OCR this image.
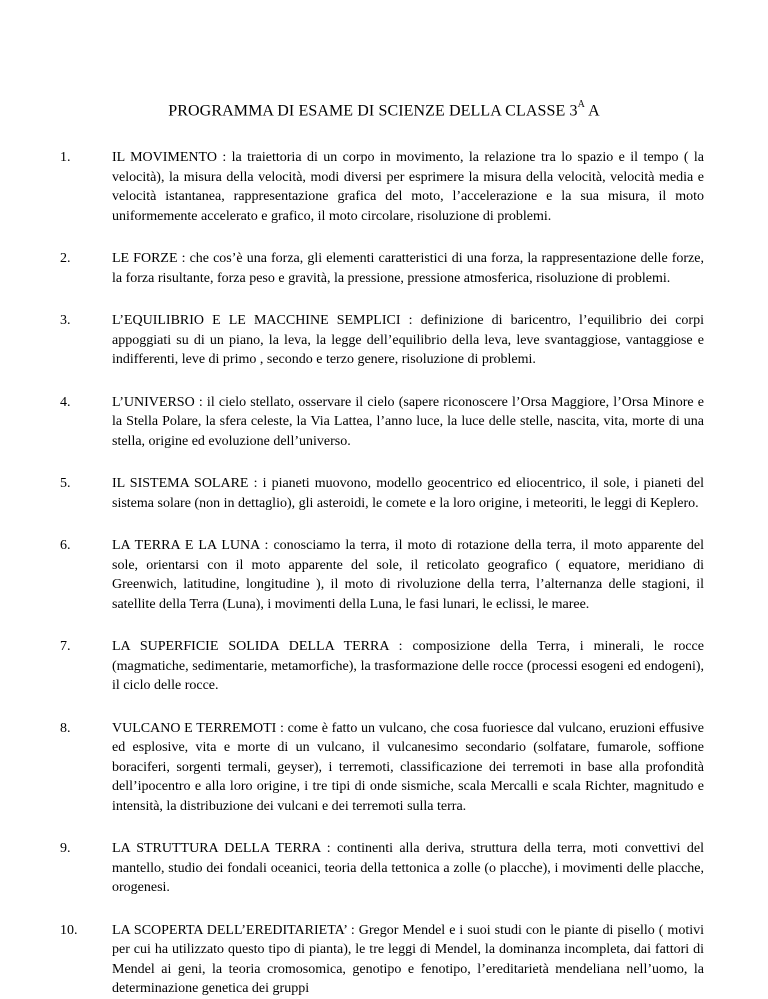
PROGRAMMA DI ESAME DI SCIENZE DELLA CLASSE $3^A$ A
1.	IL MOVIMENTO : la traiettoria di un corpo in movimento, la relazione tra lo spazio e il tempo ( la velocità), la misura della velocità, modi diversi per esprimere la misura della velocità, velocità media e velocità istantanea, rappresentazione grafica del moto, l’accelerazione e la sua misura, il moto uniformemente accelerato e grafico, il moto circolare, risoluzione di problemi.
2.	LE FORZE : che cos’è una forza, gli elementi caratteristici di una forza, la rappresentazione delle forze, la forza risultante, forza peso e gravità, la pressione, pressione atmosferica, risoluzione di problemi.
3.	L’EQUILIBRIO E LE MACCHINE SEMPLICI : definizione di baricentro, l’equilibrio dei corpi appoggiati su di un piano, la leva, la legge dell’equilibrio della leva, leve svantaggiose, vantaggiose e indifferenti, leve di primo , secondo e terzo genere, risoluzione di problemi.
4.	L’UNIVERSO : il cielo stellato, osservare il cielo (sapere riconoscere l’Orsa Maggiore, l’Orsa Minore e la Stella Polare, la sfera celeste, la Via Lattea, l’anno luce, la luce delle stelle, nascita, vita, morte di una stella, origine ed evoluzione dell’universo.
5.	IL SISTEMA SOLARE : i pianeti muovono, modello geocentrico ed eliocentrico, il sole, i pianeti del sistema solare (non in dettaglio), gli asteroidi, le comete e la loro origine, i meteoriti, le leggi di Keplero.
6.	LA TERRA E LA LUNA : conosciamo la terra, il moto di rotazione della terra, il moto apparente del sole, orientarsi con il moto apparente del sole, il reticolato geografico ( equatore, meridiano di Greenwich, latitudine, longitudine ), il moto di rivoluzione della terra, l’alternanza delle stagioni, il satellite della Terra (Luna), i movimenti della Luna, le fasi lunari, le eclissi, le maree.
7.	LA SUPERFICIE SOLIDA DELLA TERRA : composizione della Terra, i minerali, le rocce (magmatiche, sedimentarie, metamorfiche), la trasformazione delle rocce (processi esogeni ed endogeni), il ciclo delle rocce.
8.	VULCANO E TERREMOTI : come è fatto un vulcano, che cosa fuoriesce dal vulcano, eruzioni effusive ed esplosive, vita e morte di un vulcano, il vulcanesimo secondario (solfatare, fumarole, soffione boraciferi, sorgenti termali, geyser), i terremoti, classificazione dei terremoti in base alla profondità dell’ipocentro e alla loro origine, i tre tipi di onde sismiche, scala Mercalli e scala Richter, magnitudo e intensità, la distribuzione dei vulcani e dei terremoti sulla terra.
9.	LA STRUTTURA DELLA TERRA : continenti alla deriva, struttura della terra, moti convettivi del mantello, studio dei fondali oceanici, teoria della tettonica a zolle (o placche), i movimenti delle placche, orogenesi.
10. LA SCOPERTA DELL’EREDITARIETA’ : Gregor Mendel e i suoi studi con le piante di pisello ( motivi per cui ha utilizzato questo tipo di pianta), le tre leggi di Mendel, la dominanza incompleta, dai fattori di Mendel ai geni, la teoria cromosomica, genotipo e fenotipo, l’ereditarietà mendeliana nell’uomo, la determinazione genetica dei gruppi
